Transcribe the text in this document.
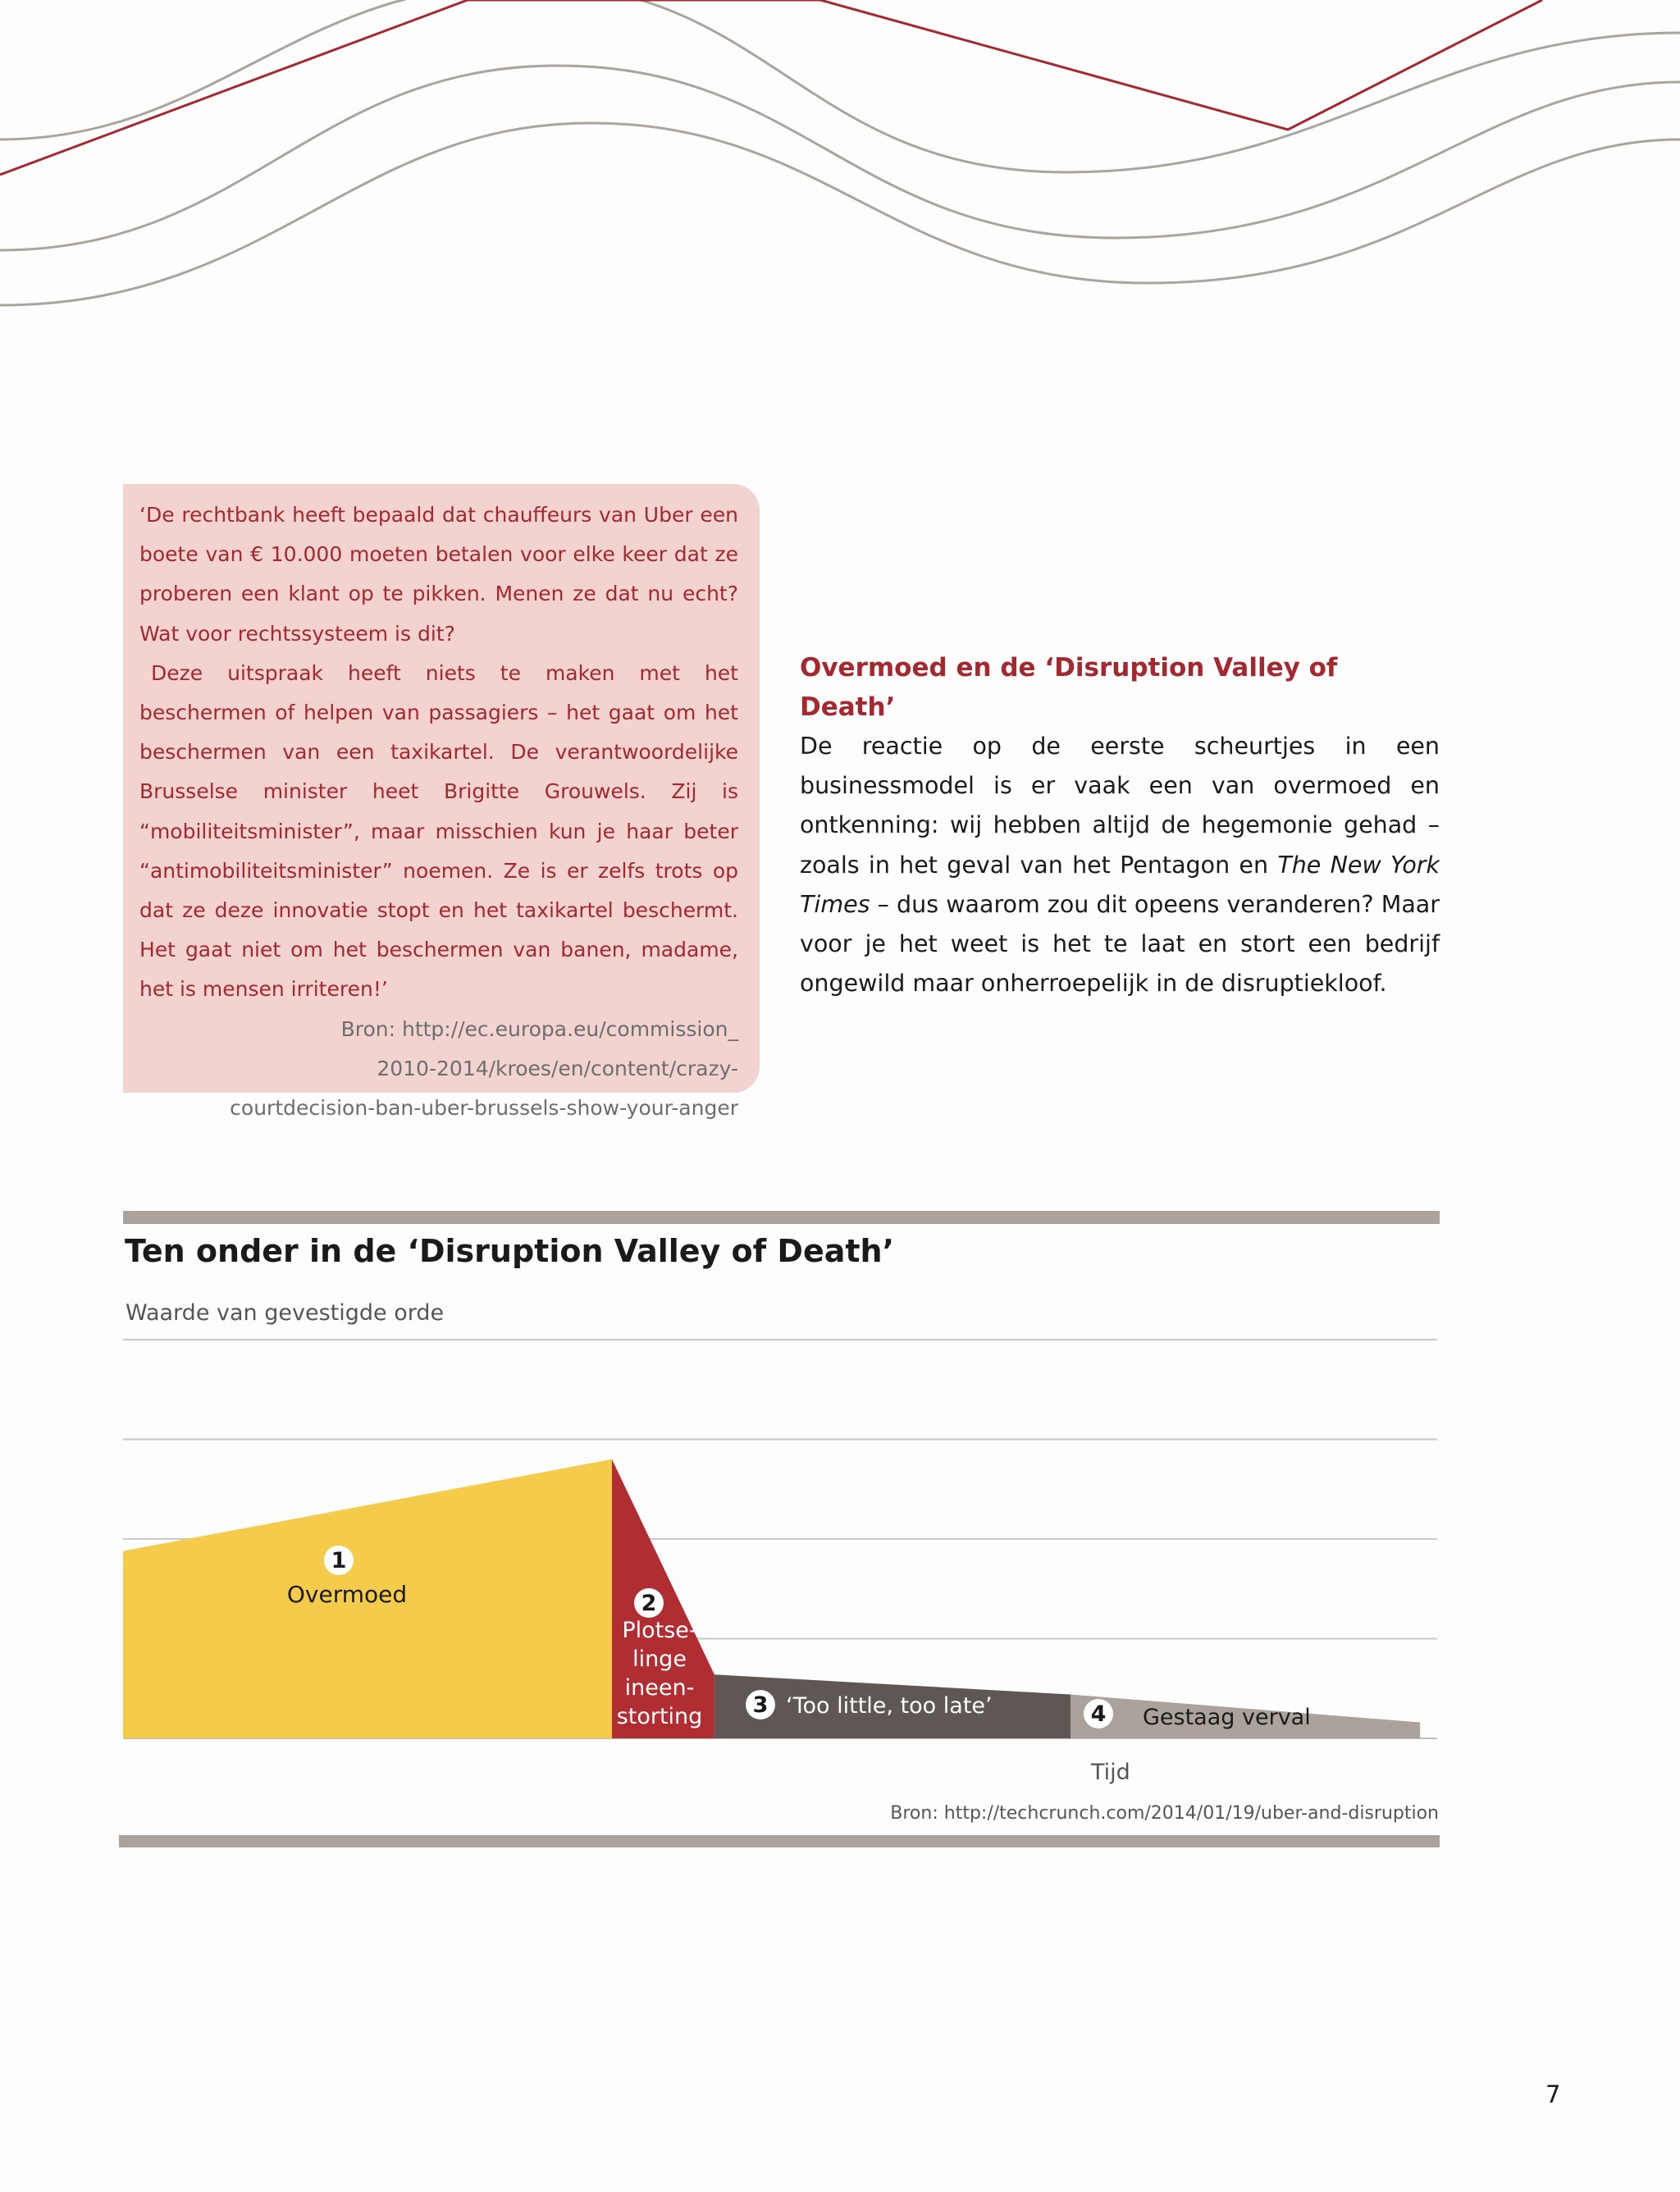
‘De rechtbank heeft bepaald dat chauffeurs van Uber een boete van € 10.000 moeten betalen voor elke keer dat ze proberen een klant op te pikken. Menen ze dat nu echt? Wat voor rechtssysteem is dit?

Deze uitspraak heeft niets te maken met het beschermen of helpen van passagiers – het gaat om het beschermen van een taxikartel. De verantwoordelijke Brusselse minister heet Brigitte Grouwels. Zij is “mobiliteitsminister”, maar misschien kun je haar beter “antimobiliteitsminister” noemen. Ze is er zelfs trots op dat ze deze innovatie stopt en het taxikartel beschermt. Het gaat niet om het beschermen van banen, madame, het is mensen irriteren!’

Bron: http://ec.europa.eu/commission_

2010-2014/kroes/en/content/crazy-

courtdecision-ban-uber-brussels-show-your-anger

Overmoed en de ‘Disruption Valley of Death’

De reactie op de eerste scheurtjes in een businessmodel is er vaak een van overmoed en ontkenning: wij hebben altijd de hegemonie gehad – zoals in het geval van het Pentagon en The New York Times – dus waarom zou dit opeens veranderen? Maar voor je het weet is het te laat en stort een bedrijf ongewild maar onherroepelijk in de disruptiekloof.

Ten onder in de ‘Disruption Valley of Death’
Waarde van gevestigde orde
1
Overmoed	2
Plotse-
linge
ineen-
storting 3 ‘Too little, too late’	4 Gestaag verval
Tijd
Bron: http://techcrunch.com/2014/01/19/uber-and-disruption
7
